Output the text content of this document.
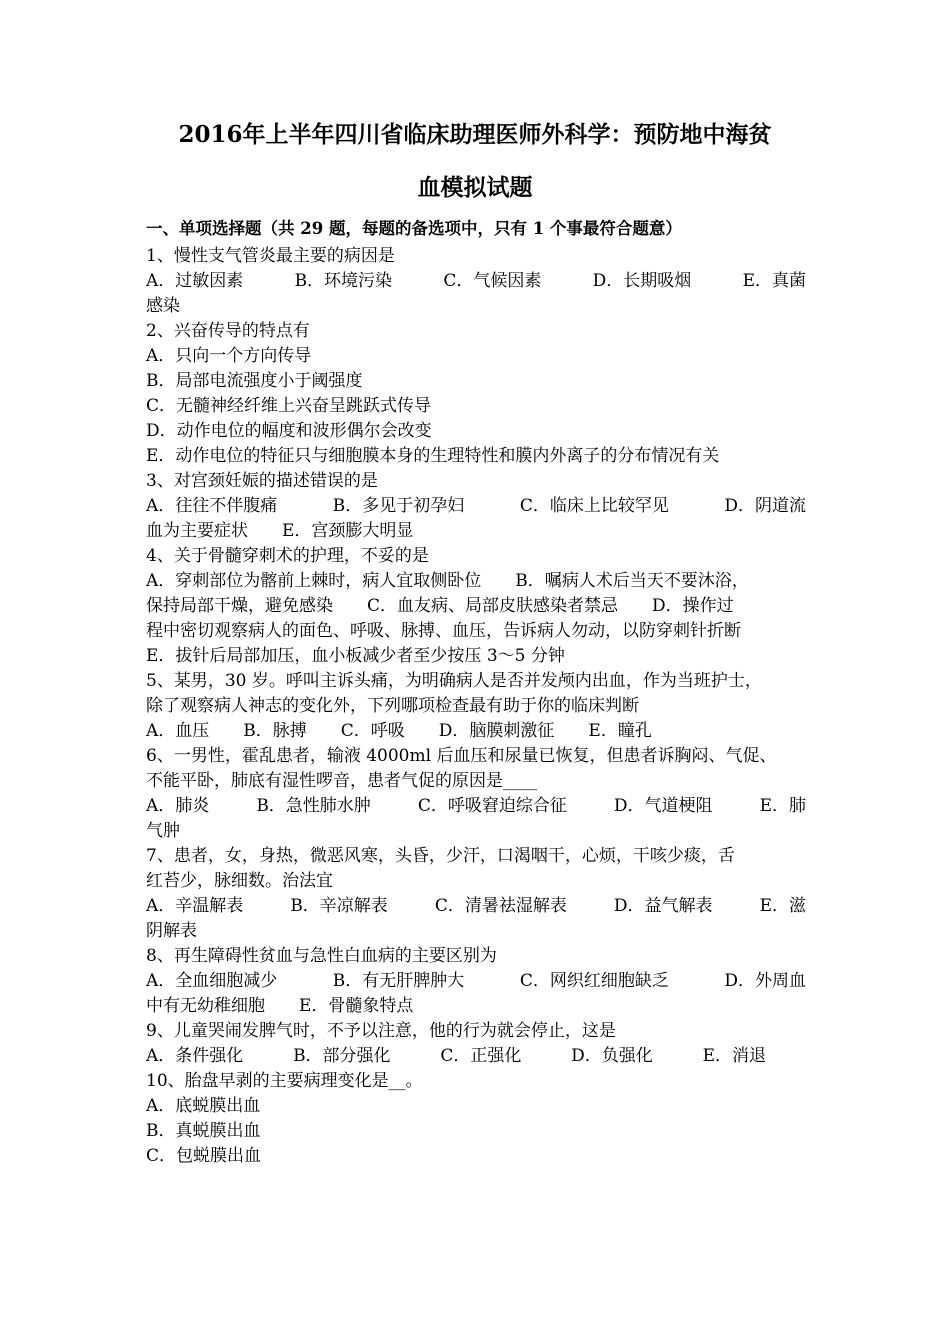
2016年上半年四川省临床助理医师外科学：预防地中海贫
血模拟试题
一、单项选择题（共 29 题，每题的备选项中，只有 1 个事最符合题意）
1、慢性支气管炎最主要的病因是
A．过敏因素	B．环境污染	C．气候因素	D．长期吸烟	E．真菌
感染
2、兴奋传导的特点有
A．只向一个方向传导
B．局部电流强度小于阈强度
C．无髓神经纤维上兴奋呈跳跃式传导
D．动作电位的幅度和波形偶尔会改变
E．动作电位的特征只与细胞膜本身的生理特性和膜内外离子的分布情况有关
3、对宫颈妊娠的描述错误的是
A．往往不伴腹痛	B．多见于初孕妇	C．临床上比较罕见	D．阴道流
血为主要症状　　E．宫颈膨大明显
4、关于骨髓穿刺术的护理，不妥的是
A．穿刺部位为髂前上棘时，病人宜取侧卧位　　B．嘱病人术后当天不要沐浴，
保持局部干燥，避免感染　　C．血友病、局部皮肤感染者禁忌　　D．操作过
程中密切观察病人的面色、呼吸、脉搏、血压，告诉病人勿动，以防穿刺针折断
E．拔针后局部加压，血小板减少者至少按压 3～5 分钟
5、某男，30 岁。呼叫主诉头痛，为明确病人是否并发颅内出血，作为当班护士，
除了观察病人神志的变化外，下列哪项检查最有助于你的临床判断
A．血压　　B．脉搏　　C．呼吸　　D．脑膜刺激征　　E．瞳孔
6、一男性，霍乱患者，输液 4000ml 后血压和尿量已恢复，但患者诉胸闷、气促、
不能平卧，肺底有湿性啰音，患者气促的原因是____
A．肺炎	B．急性肺水肿	C．呼吸窘迫综合征	D．气道梗阻	E．肺
气肿
7、患者，女，身热，微恶风寒，头昏，少汗，口渴咽干，心烦，干咳少痰，舌
红苔少，脉细数。治法宜
A．辛温解表	B．辛凉解表	C．清暑祛湿解表	D．益气解表	E．滋
阴解表
8、再生障碍性贫血与急性白血病的主要区别为
A．全血细胞减少	B．有无肝脾肿大	C．网织红细胞缺乏	D．外周血
中有无幼稚细胞　　E．骨髓象特点
9、儿童哭闹发脾气时，不予以注意，他的行为就会停止，这是
A．条件强化	B．部分强化	C．正强化	D．负强化	E．消退
10、胎盘早剥的主要病理变化是__。
A．底蜕膜出血
B．真蜕膜出血
C．包蜕膜出血
